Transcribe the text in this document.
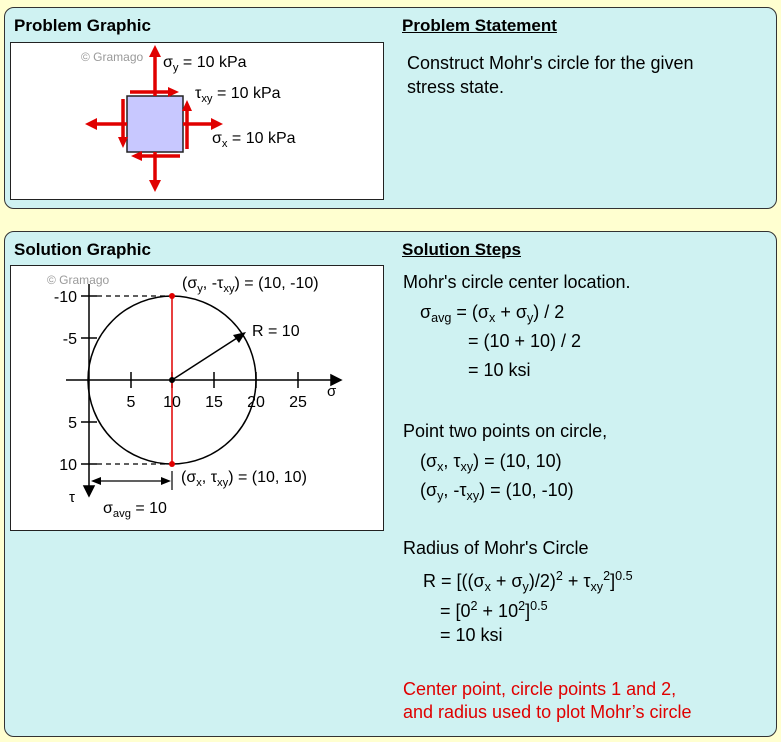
Problem Graphic	Problem Statement
© Gramago $\sigma_y = 10$ kPa
$\tau_{xy} = 10$ kPa
$\sigma_x = 10$ kPa
Construct Mohr's circle for the given
stress state.
Solution Graphic	Solution Steps
© Gramago
5 10 15 20 25
-10
-5
5
10
σ
τ
R = 10
($\sigma_y$, $-\tau_{xy}) = (10$, -10)
($\sigma_x$, $\tau_{xy}) = (10$, 10)
$\sigma_{avg} = 10$
Mohr's circle center location.
$\sigma_{avg} = (\sigma_x + \sigma_y) / 2$
= (10 + 10) / 2
= 10 ksi
Point two points on circle,
($\sigma_x$, $\tau_{xy}) = (10$, 10)
($\sigma_y$, $-\tau_{xy}) = (10$, -10)
Radius of Mohr's Circle
$R = [((\sigma_x + \sigma_y)/2)^2 + \tau_{xy}^2]^{0.5}$
= $[0^2 + 10^2]^{0.5}$
= 10 ksi
Center point, circle points 1 and 2,
and radius used to plot Mohr’s circle
